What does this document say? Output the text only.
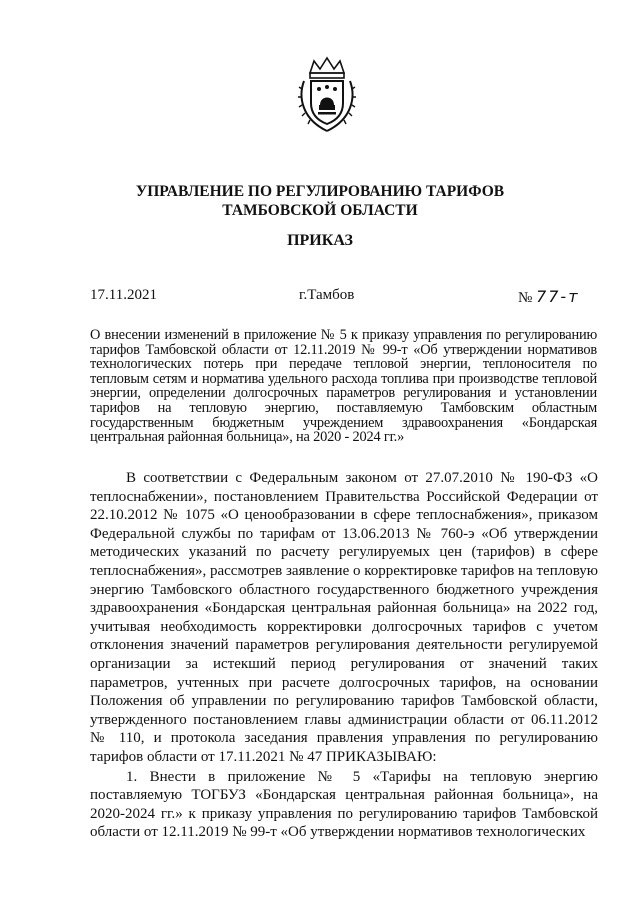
УПРАВЛЕНИЕ ПО РЕГУЛИРОВАНИЮ ТАРИФОВ
ТАМБОВСКОЙ ОБЛАСТИ
ПРИКАЗ
17.11.2021	г.Тамбов	№ 77-т
О внесении изменений в приложение № 5 к приказу управления по регулированию тарифов Тамбовской области от 12.11.2019 № 99-т «Об утверждении нормативов технологических потерь при передаче тепловой энергии, теплоносителя по тепловым сетям и норматива удельного расхода топлива при производстве тепловой энергии, определении долгосрочных параметров регулирования и установлении тарифов на тепловую энергию, поставляемую Тамбовским областным государственным бюджетным учреждением здравоохранения «Бондарская центральная районная больница», на 2020 - 2024 гг.»

В соответствии с Федеральным законом от 27.07.2010 № 190-ФЗ «О теплоснабжении», постановлением Правительства Российской Федерации от 22.10.2012 № 1075 «О ценообразовании в сфере теплоснабжения», приказом Федеральной службы по тарифам от 13.06.2013 № 760-э «Об утверждении методических указаний по расчету регулируемых цен (тарифов) в сфере теплоснабжения», рассмотрев заявление о корректировке тарифов на тепловую энергию Тамбовского областного государственного бюджетного учреждения здравоохранения «Бондарская центральная районная больница» на 2022 год, учитывая необходимость корректировки долгосрочных тарифов с учетом отклонения значений параметров регулирования деятельности регулируемой организации за истекший период регулирования от значений таких параметров, учтенных при расчете долгосрочных тарифов, на основании Положения об управлении по регулированию тарифов Тамбовской области, утвержденного постановлением главы администрации области от 06.11.2012 № 110, и протокола заседания правления управления по регулированию тарифов области от 17.11.2021 № 47 ПРИКАЗЫВАЮ:

1. Внести в приложение № 5 «Тарифы на тепловую энергию поставляемую ТОГБУЗ «Бондарская центральная районная больница», на 2020-2024 гг.» к приказу управления по регулированию тарифов Тамбовской области от 12.11.2019 № 99-т «Об утверждении нормативов технологических
